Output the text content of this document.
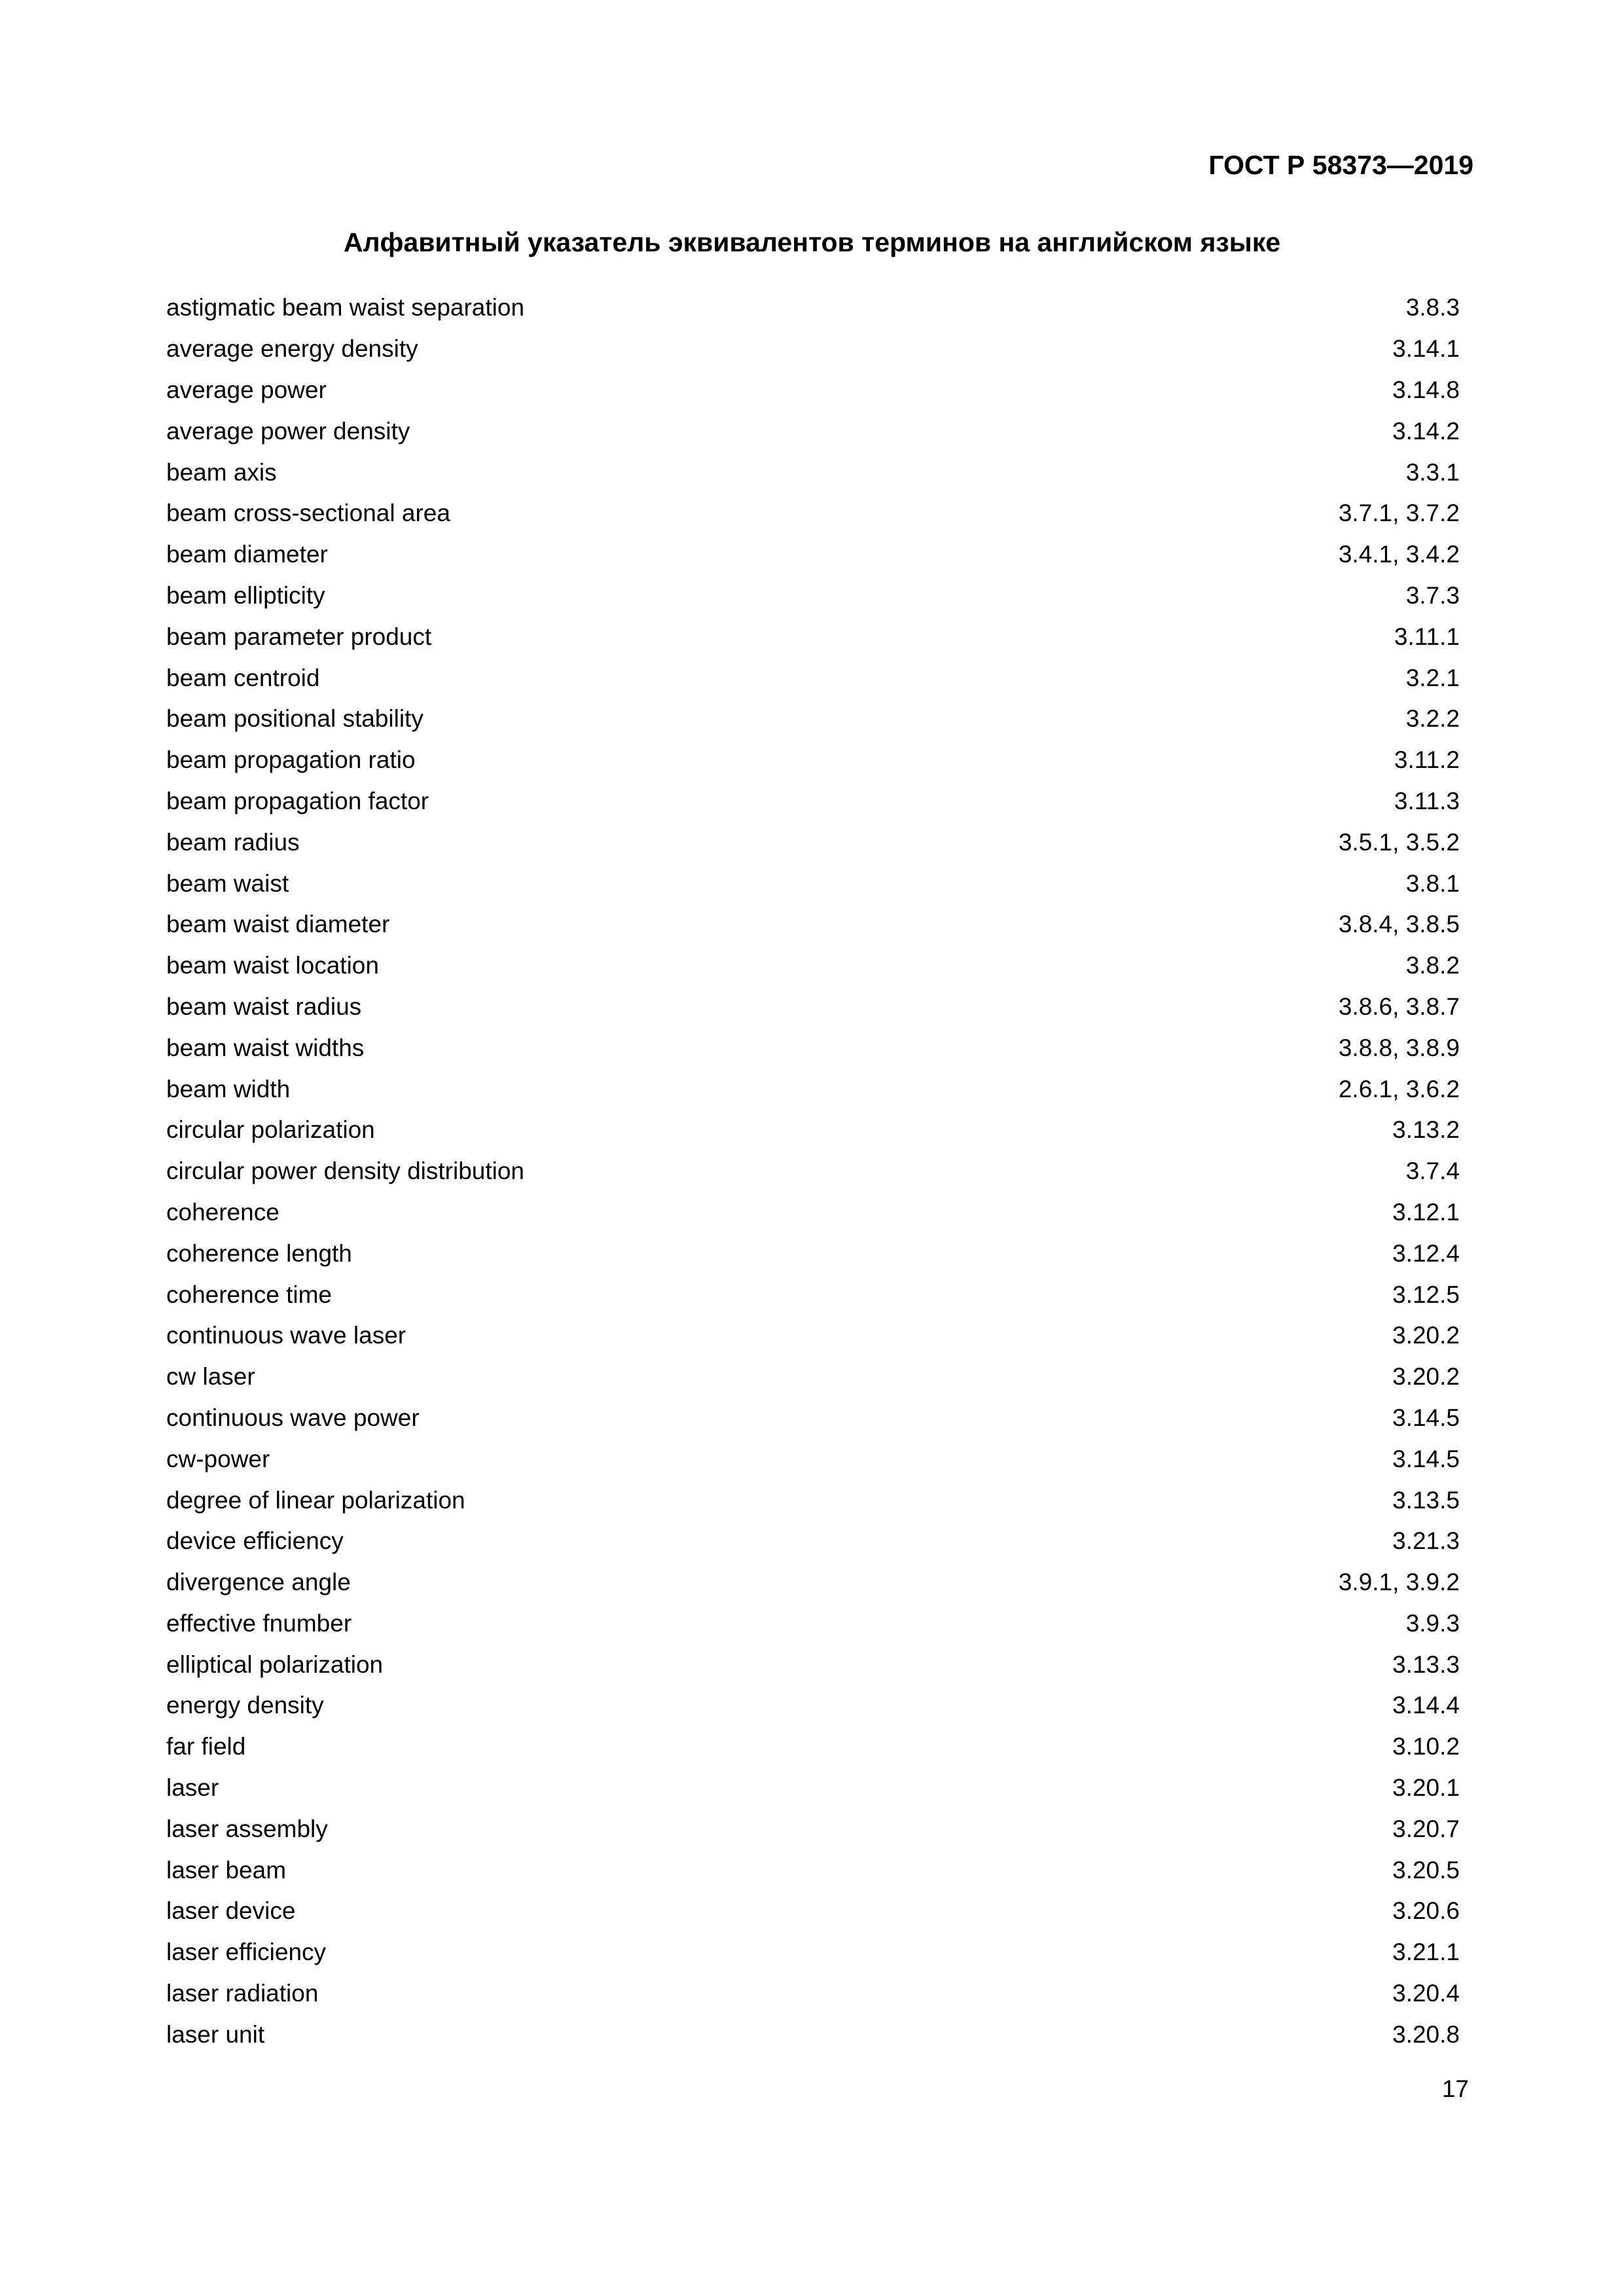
ГОСТ Р 58373—2019
Алфавитный указатель эквивалентов терминов на английском языке
astigmatic beam waist separation	3.8.3
average energy density	3.14.1
average power	3.14.8
average power density	3.14.2
beam axis	3.3.1
beam cross-sectional area	3.7.1, 3.7.2
beam diameter	3.4.1, 3.4.2
beam ellipticity	3.7.3
beam parameter product	3.11.1
beam centroid	3.2.1
beam positional stability	3.2.2
beam propagation ratio	3.11.2
beam propagation factor	3.11.3
beam radius	3.5.1, 3.5.2
beam waist	3.8.1
beam waist diameter	3.8.4, 3.8.5
beam waist location	3.8.2
beam waist radius	3.8.6, 3.8.7
beam waist widths	3.8.8, 3.8.9
beam width	2.6.1, 3.6.2
circular polarization	3.13.2
circular power density distribution	3.7.4
coherence	3.12.1
coherence length	3.12.4
coherence time	3.12.5
continuous wave laser	3.20.2
cw laser	3.20.2
continuous wave power	3.14.5
cw-power	3.14.5
degree of linear polarization	3.13.5
device efficiency	3.21.3
divergence angle	3.9.1, 3.9.2
effective fnumber	3.9.3
elliptical polarization	3.13.3
energy density	3.14.4
far field	3.10.2
laser	3.20.1
laser assembly	3.20.7
laser beam	3.20.5
laser device	3.20.6
laser efficiency	3.21.1
laser radiation	3.20.4
laser unit	3.20.8
17
